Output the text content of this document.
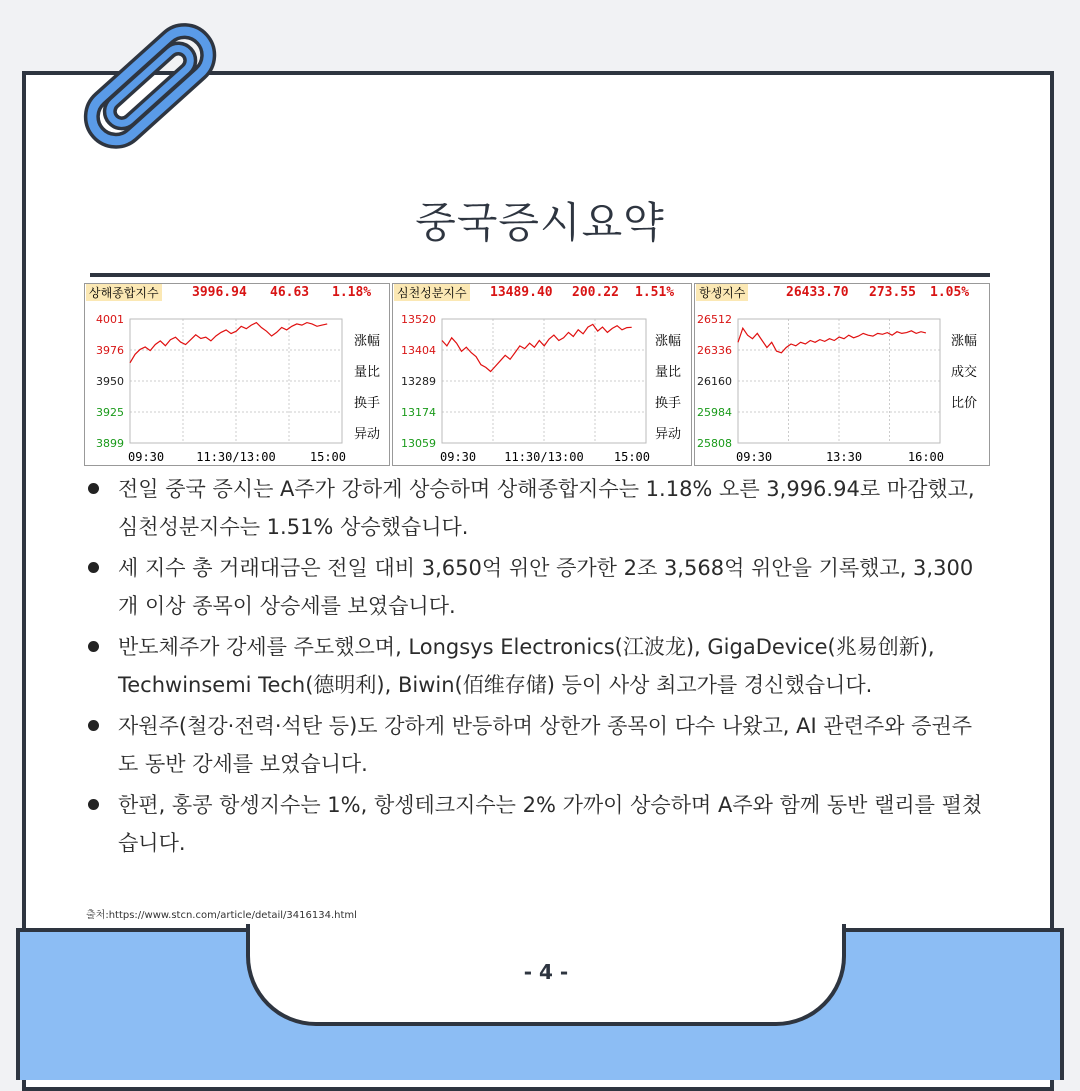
중국증시요약
4001
3976
3950
3925
3899
09:30	11:30/13:00	15:00
涨幅
量比
换手
异动
상해종합지수	3996.94 46.63 1.18%
13520
13404
13289
13174
13059
09:30 11:30/13:00	15:00
涨幅
量比
换手
异动
심천성분지수 13489.40 200.22 1.51%
26512
26336
26160
25984
25808
09:30	13:30	16:00
涨幅
成交
比价
항셍지수	26433.70 273.55 1.05%
전일 중국 증시는 A주가 강하게 상승하며 상해종합지수는 1.18% 오른 3,996.94로 마감했고, 심천성분지수는 1.51% 상승했습니다.
세 지수 총 거래대금은 전일 대비 3,650억 위안 증가한 2조 3,568억 위안을 기록했고, 3,300개 이상 종목이 상승세를 보였습니다.
반도체주가 강세를 주도했으며, Longsys Electronics(江波龙), GigaDevice(兆易创新), Techwinsemi Tech(德明利), Biwin(佰维存储) 등이 사상 최고가를 경신했습니다.
자원주(철강·전력·석탄 등)도 강하게 반등하며 상한가 종목이 다수 나왔고, AI 관련주와 증권주도 동반 강세를 보였습니다.
한편, 홍콩 항셍지수는 1%, 항셍테크지수는 2% 가까이 상승하며 A주와 함께 동반 랠리를 펼쳤습니다.
출처:https://www.stcn.com/article/detail/3416134.html
- 4 -
